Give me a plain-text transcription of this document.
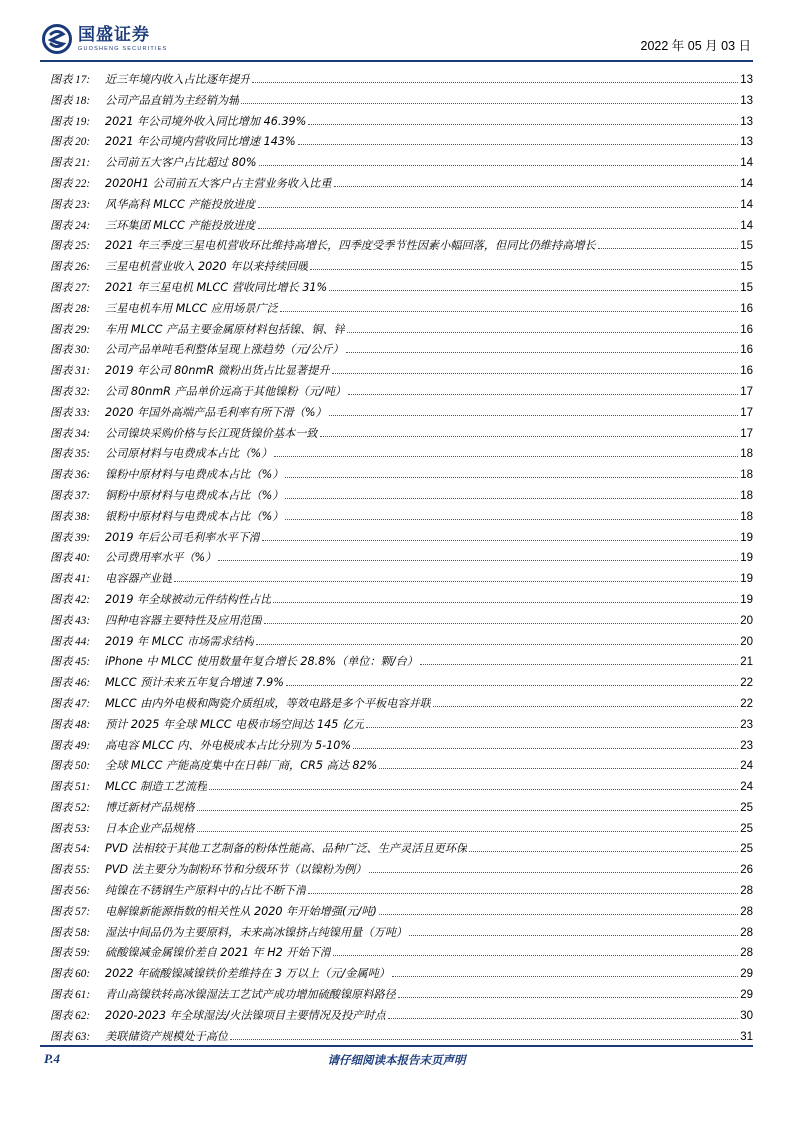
国盛证券
GUOSHENG SECURITIES	2022 年 05 月 03 日
图表 17:	近三年境内收入占比逐年提升	13
图表 18:	公司产品直销为主经销为辅	13
图表 19:	2021 年公司境外收入同比增加 46.39%	13
图表 20:	2021 年公司境内营收同比增速 143%	13
图表 21:	公司前五大客户占比超过 80%	14
图表 22:	2020H1 公司前五大客户占主营业务收入比重	14
图表 23:	风华高科 MLCC 产能投放进度	14
图表 24:	三环集团 MLCC 产能投放进度	14
图表 25:	2021 年三季度三星电机营收环比维持高增长，四季度受季节性因素小幅回落，但同比仍维持高增长	15
图表 26:	三星电机营业收入 2020 年以来持续回暖	15
图表 27:	2021 年三星电机 MLCC 营收同比增长 31%	15
图表 28:	三星电机车用 MLCC 应用场景广泛	16
图表 29:	车用 MLCC 产品主要金属原材料包括镍、铜、锌	16
图表 30:	公司产品单吨毛利整体呈现上涨趋势（元/公斤）	16
图表 31:	2019 年公司 80nmR 微粉出货占比显著提升	16
图表 32:	公司 80nmR 产品单价远高于其他镍粉（元/吨）	17
图表 33:	2020 年国外高端产品毛利率有所下滑（%）	17
图表 34:	公司镍块采购价格与长江现货镍价基本一致	17
图表 35:	公司原材料与电费成本占比（%）	18
图表 36:	镍粉中原材料与电费成本占比（%）	18
图表 37:	铜粉中原材料与电费成本占比（%）	18
图表 38:	银粉中原材料与电费成本占比（%）	18
图表 39:	2019 年后公司毛利率水平下滑	19
图表 40:	公司费用率水平（%）	19
图表 41:	电容器产业链	19
图表 42:	2019 年全球被动元件结构性占比	19
图表 43:	四种电容器主要特性及应用范围	20
图表 44:	2019 年 MLCC 市场需求结构	20
图表 45:	iPhone 中 MLCC 使用数量年复合增长 28.8%（单位：颗/台）	21
图表 46:	MLCC 预计未来五年复合增速 7.9%	22
图表 47:	MLCC 由内外电极和陶瓷介质组成，等效电路是多个平板电容并联	22
图表 48:	预计 2025 年全球 MLCC 电极市场空间达 145 亿元	23
图表 49:	高电容 MLCC 内、外电极成本占比分别为 5-10%	23
图表 50:	全球 MLCC 产能高度集中在日韩厂商，CR5 高达 82%	24
图表 51:	MLCC 制造工艺流程	24
图表 52:	博迁新材产品规格	25
图表 53:	日本企业产品规格	25
图表 54:	PVD 法相较于其他工艺制备的粉体性能高、品种广泛、生产灵活且更环保	25
图表 55:	PVD 法主要分为制粉环节和分级环节（以镍粉为例）	26
图表 56:	纯镍在不锈钢生产原料中的占比不断下滑	28
图表 57:	电解镍新能源指数的相关性从 2020 年开始增强(元/吨)	28
图表 58:	湿法中间品仍为主要原料，未来高冰镍挤占纯镍用量（万吨）	28
图表 59:	硫酸镍减金属镍价差自 2021 年 H2 开始下滑	28
图表 60:	2022 年硫酸镍减镍铁价差维持在 3 万以上（元/金属吨）	29
图表 61:	青山高镍铁转高冰镍湿法工艺试产成功增加硫酸镍原料路径	29
图表 62:	2020-2023 年全球湿法/火法镍项目主要情况及投产时点	30
图表 63:	美联储资产规模处于高位	31
P.4	请仔细阅读本报告末页声明
